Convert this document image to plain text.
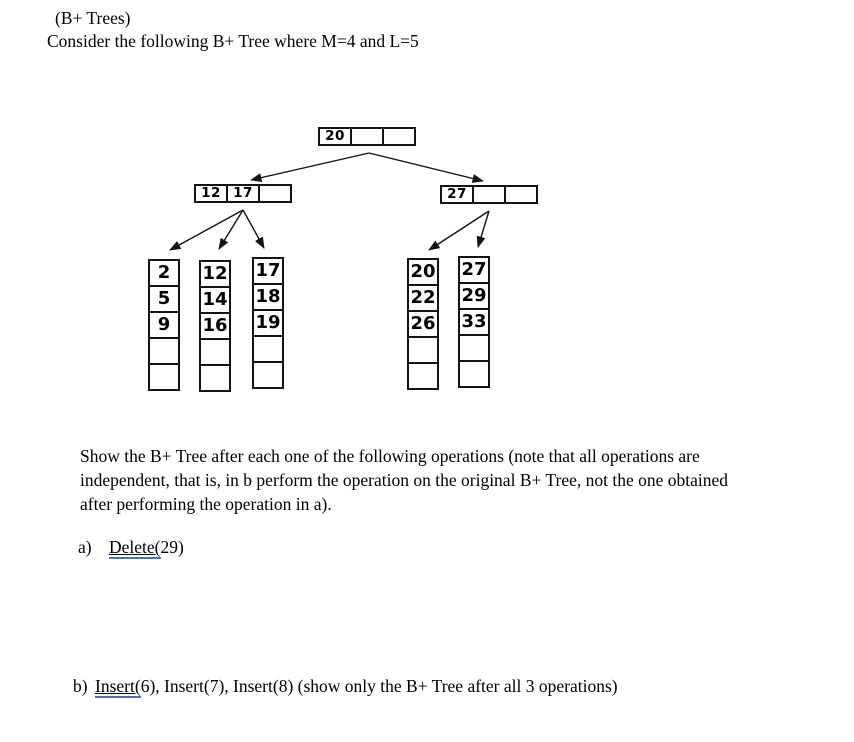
(B+ Trees)
Consider the following B+ Tree where M=4 and L=5
20
12 17	27
2
5
9
12
14
16
17
18
19
20
22
26
27
29
33
Show the B+ Tree after each one of the following operations (note that all operations are
independent, that is, in b perform the operation on the original B+ Tree, not the one obtained
after performing the operation in a).
a) Delete(29)
b) Insert(6), Insert(7), Insert(8) (show only the B+ Tree after all 3 operations)
